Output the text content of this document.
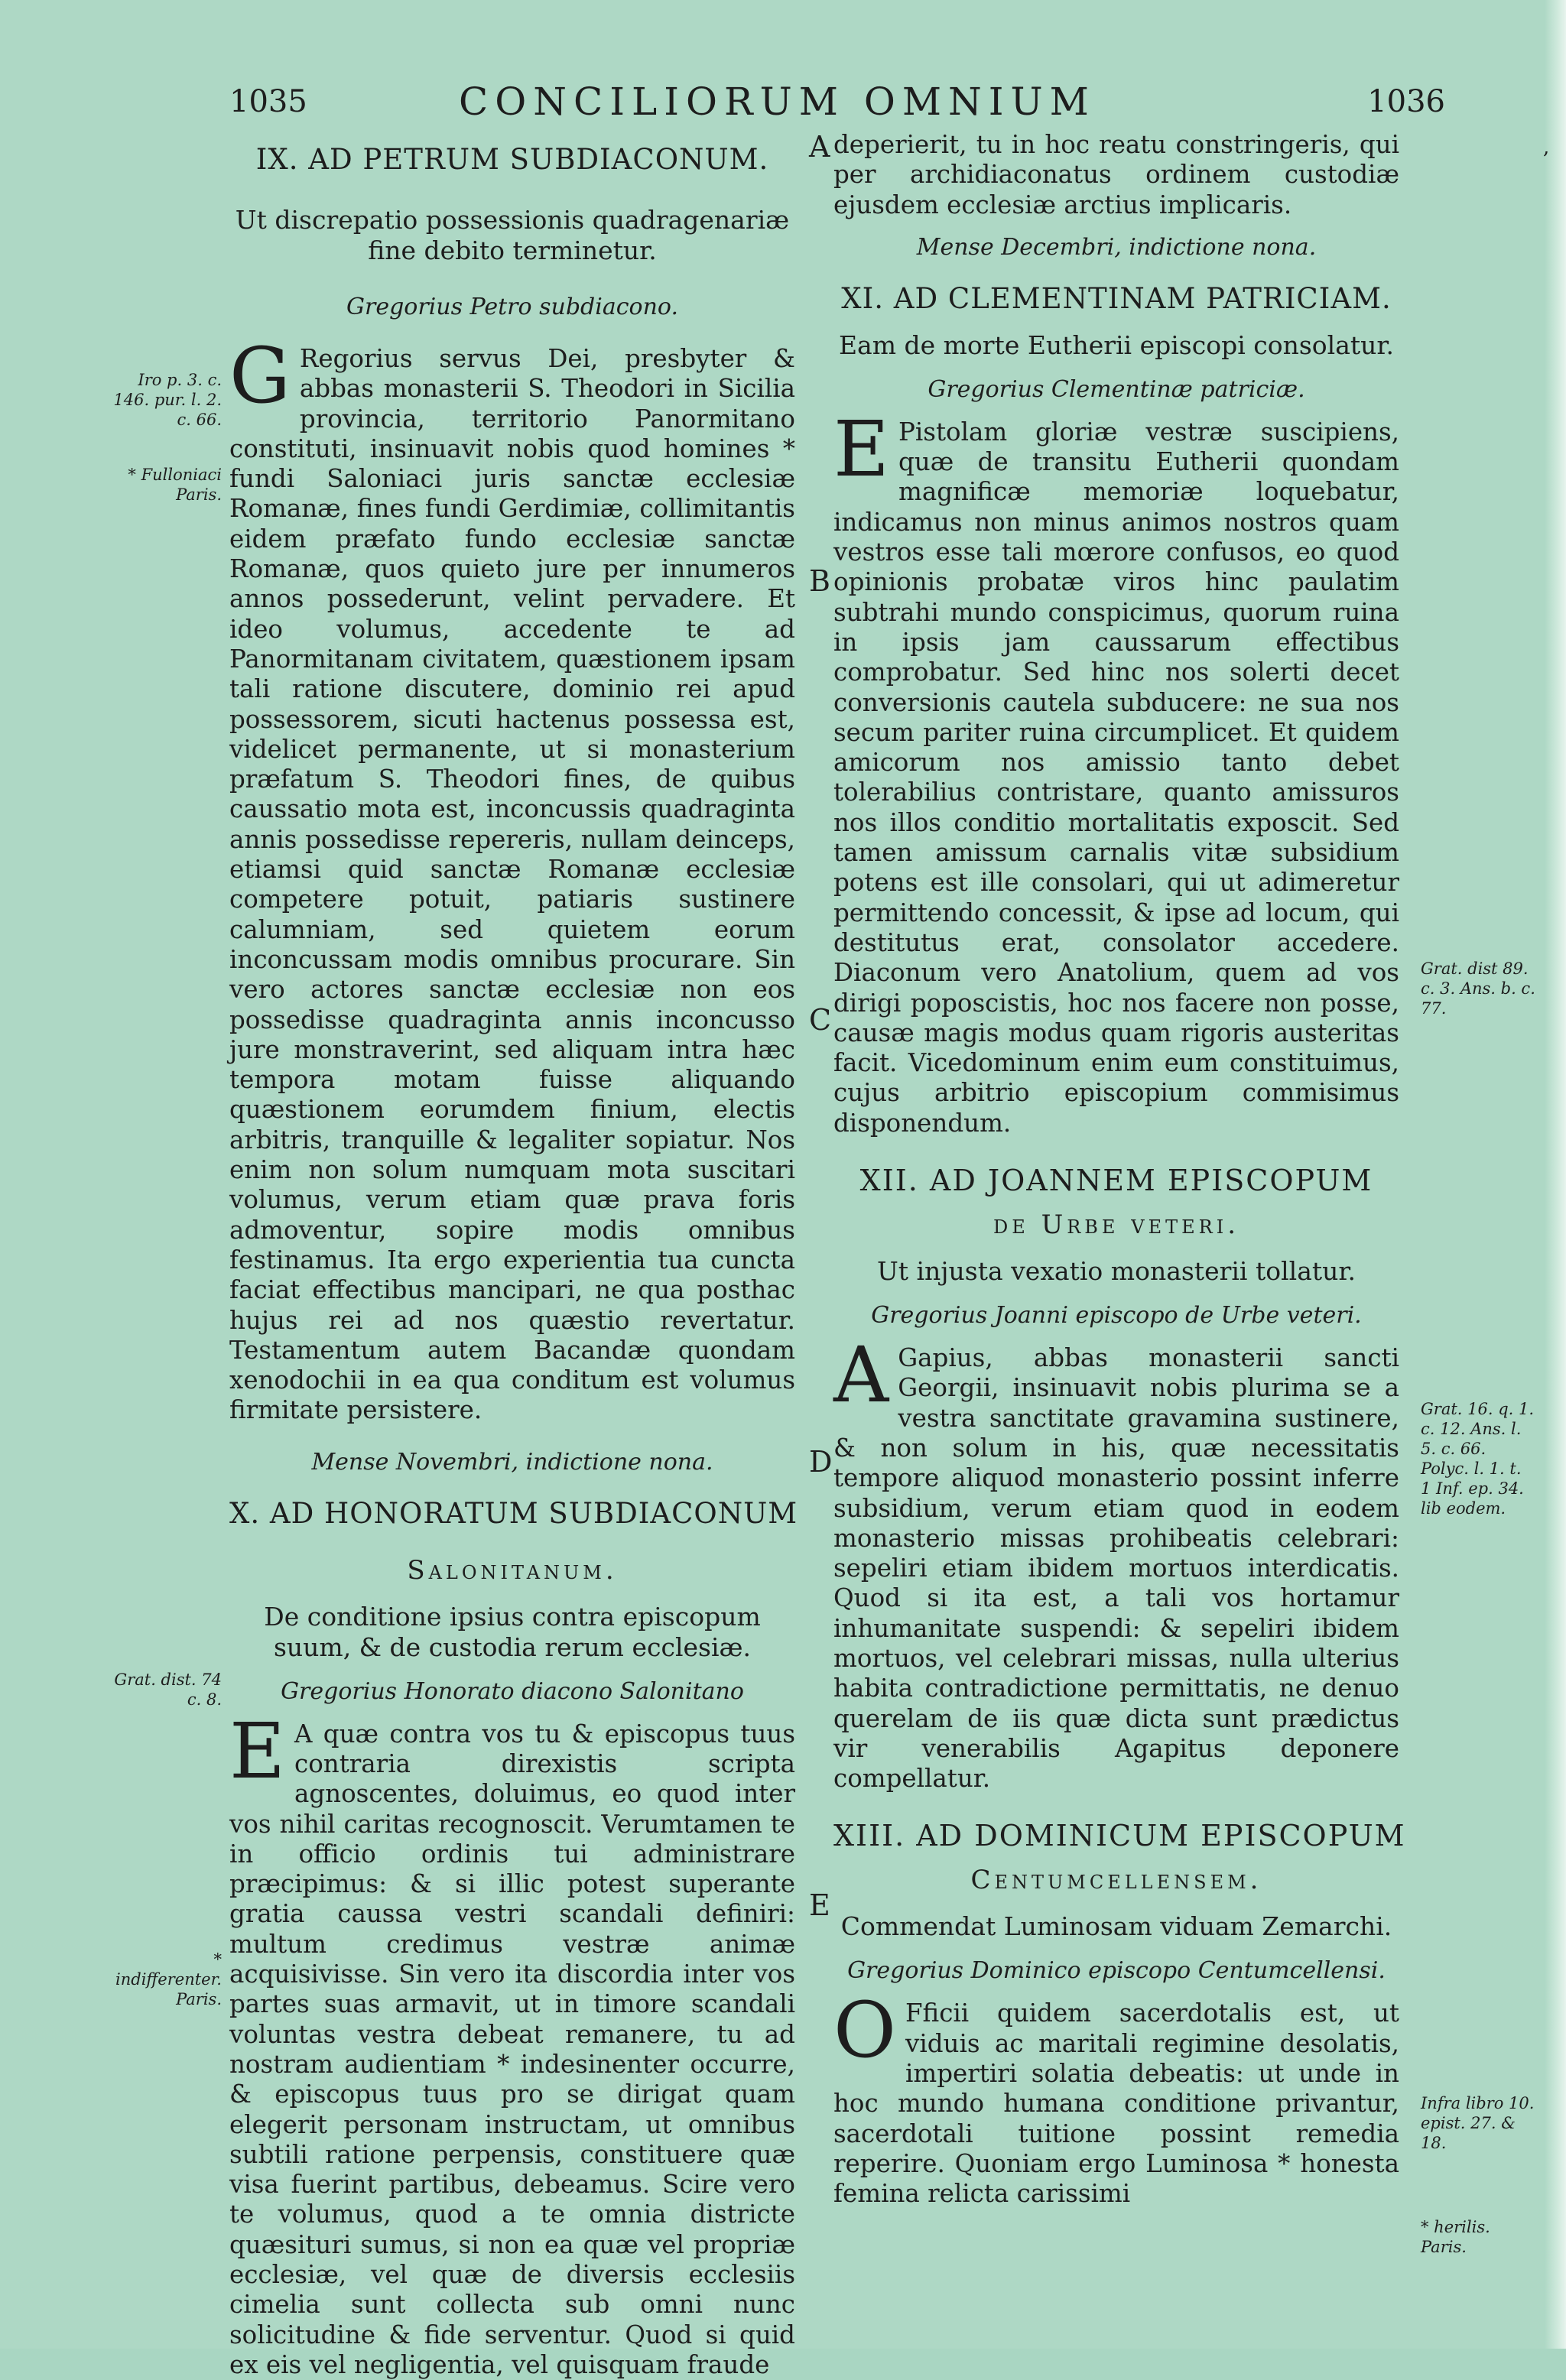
,
1035	CONCILIORUM OMNIUM	1036
IX. AD PETRUM SUBDIACONUM.
Ut discrepatio possessionis quadragenariæ fine debito terminetur.
Gregorius Petro subdiacono.
G Regorius servus Dei, presbyter & abbas monasterii S. Theodori in Sicilia provincia, territorio Panormitano constituti, insinuavit nobis quod homines * fundi Saloniaci juris sanctæ ecclesiæ Romanæ, fines fundi Gerdimiæ, collimitantis eidem præfato fundo ecclesiæ sanctæ Romanæ, quos quieto jure per innumeros annos possederunt, velint pervadere. Et ideo volumus, accedente te ad Panormitanam civitatem, quæstionem ipsam tali ratione discutere, dominio rei apud possessorem, sicuti hactenus possessa est, videlicet permanente, ut si monasterium præfatum S. Theodori fines, de quibus caussatio mota est, inconcussis quadraginta annis possedisse repereris, nullam deinceps, etiamsi quid sanctæ Romanæ ecclesiæ competere potuit, patiaris sustinere calumniam, sed quietem eorum inconcussam modis omnibus procurare. Sin vero actores sanctæ ecclesiæ non eos possedisse quadraginta annis inconcusso jure monstraverint, sed aliquam intra hæc tempora motam fuisse aliquando quæstionem eorumdem finium, electis arbitris, tranquille & legaliter sopiatur. Nos enim non solum numquam mota suscitari volumus, verum etiam quæ prava foris admoventur, sopire modis omnibus festinamus. Ita ergo experientia tua cuncta faciat effectibus mancipari, ne qua posthac hujus rei ad nos quæstio revertatur. Testamentum autem Bacandæ quondam xenodochii in ea qua conditum est volumus firmitate persistere.
Mense Novembri, indictione nona.
X. AD HONORATUM SUBDIACONUM
Salonitanum.
De conditione ipsius contra episcopum suum, & de custodia rerum ecclesiæ.
Gregorius Honorato diacono Salonitano
E A quæ contra vos tu & episcopus tuus contraria direxistis scripta agnoscentes, doluimus, eo quod inter vos nihil caritas recognoscit. Verumtamen te in officio ordinis tui administrare præcipimus: & si illic potest superante gratia caussa vestri scandali definiri: multum credimus vestræ animæ acquisivisse. Sin vero ita discordia inter vos partes suas armavit, ut in timore scandali voluntas vestra debeat remanere, tu ad nostram audientiam * indesinenter occurre, & episcopus tuus pro se dirigat quam elegerit personam instructam, ut omnibus subtili ratione perpensis, constituere quæ visa fuerint partibus, debeamus. Scire vero te volumus, quod a te omnia districte quæsituri sumus, si non ea quæ vel propriæ ecclesiæ, vel quæ de diversis ecclesiis cimelia sunt collecta sub omni nunc solicitudine & fide serventur. Quod si quid ex eis vel negligentia, vel quisquam fraude
deperierit, tu in hoc reatu constringeris, qui per archidiaconatus ordinem custodiæ ejusdem ecclesiæ arctius implicaris.
Mense Decembri, indictione nona.
XI. AD CLEMENTINAM PATRICIAM.
Eam de morte Eutherii episcopi consolatur.
Gregorius Clementinæ patriciæ.
E Pistolam gloriæ vestræ suscipiens, quæ de transitu Eutherii quondam magnificæ memoriæ loquebatur, indicamus non minus animos nostros quam vestros esse tali mœrore confusos, eo quod opinionis probatæ viros hinc paulatim subtrahi mundo conspicimus, quorum ruina in ipsis jam caussarum effectibus comprobatur. Sed hinc nos solerti decet conversionis cautela subducere: ne sua nos secum pariter ruina circumplicet. Et quidem amicorum nos amissio tanto debet tolerabilius contristare, quanto amissuros nos illos conditio mortalitatis exposcit. Sed tamen amissum carnalis vitæ subsidium potens est ille consolari, qui ut adimeretur permittendo concessit, & ipse ad locum, qui destitutus erat, consolator accedere. Diaconum vero Anatolium, quem ad vos dirigi poposcistis, hoc nos facere non posse, causæ magis modus quam rigoris austeritas facit. Vicedominum enim eum constituimus, cujus arbitrio episcopium commisimus disponendum.
XII. AD JOANNEM EPISCOPUM
de Urbe veteri.
Ut injusta vexatio monasterii tollatur.
Gregorius Joanni episcopo de Urbe veteri.
A Gapius, abbas monasterii sancti Georgii, insinuavit nobis plurima se a vestra sanctitate gravamina sustinere, & non solum in his, quæ necessitatis tempore aliquod monasterio possint inferre subsidium, verum etiam quod in eodem monasterio missas prohibeatis celebrari: sepeliri etiam ibidem mortuos interdicatis. Quod si ita est, a tali vos hortamur inhumanitate suspendi: & sepeliri ibidem mortuos, vel celebrari missas, nulla ulterius habita contradictione permittatis, ne denuo querelam de iis quæ dicta sunt prædictus vir venerabilis Agapitus deponere compellatur.
XIII. AD DOMINICUM EPISCOPUM
Centumcellensem.
Commendat Luminosam viduam Zemarchi.
Gregorius Dominico episcopo Centumcellensi.
O Fficii quidem sacerdotalis est, ut viduis ac maritali regimine desolatis, impertiri solatia debeatis: ut unde in hoc mundo humana conditione privantur, sacerdotali tuitione possint remedia reperire. Quoniam ergo Luminosa * honesta femina relicta carissimi
A
B
C
D
E
Iro p. 3. c. 146. pur. l. 2. c. 66.
* Fulloniaci Paris.
Grat. dist. 74 c. 8.
* indifferenter. Paris.
Grat. dist 89. c. 3. Ans. b. c. 77.
Grat. 16. q. 1. c. 12. Ans. l. 5. c. 66. Polyc. l. 1. t. 1 Inf. ep. 34. lib eodem.
Infra libro 10. epist. 27. & 18.
* herilis. Paris.
